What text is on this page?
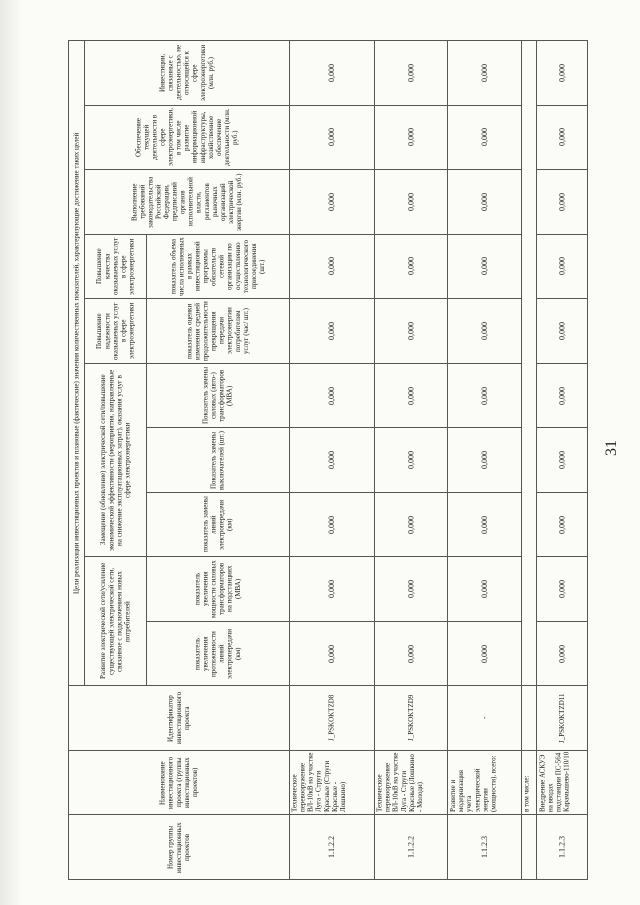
31
Номер группы инвестиционных проектов	Наименование инвестиционного проекта (группы инвестиционных проектов)	Идентификатор инвестиционного проекта	Цели реализации инвестиционных проектов и плановые (фактические) значения количественных показателей, характеризующие достижение таких целей
Развитие электрической сети/усиление существующей электрической сети, связанное с подключением новых потребителей	Замещение (обновление) электрической сети/повышение экономической эффективности (мероприятия, направленные на снижение эксплуатационных затрат), оказания услуг в сфере электроэнергетики	Повышение надежности оказываемых услуг в сфере электроэнергетики	Повышение качества оказываемых услуг в сфере электроэнергетики	Выполнение требований законодательства Российской Федерации, предписаний органов исполнительной власти, регламентов рыночных организаций электрической энергии (млн. руб.)	Обеспечение текущей деятельности в сфере электроэнергетики, в том числе развитие информационной инфраструктуры, хозяйственное обеспечение деятельности (млн. руб.)	Инвестиции, связанные с деятельностью, не относящейся к сфере электроэнергетики (млн. руб.)
показатель увеличения протяженности линий электропередачи (км)	показатель увеличения мощности силовых трансформаторов на подстанциях (МВА)	показатель замены линий электропередачи (км)	Показатель замены выключателей (шт.)	Показатель замены силовых (авто-) трансформаторов (МВА)	показатель оценки изменения средней продолжительности прекращения передачи электроэнергии потребителям услуг (час/ шт.)	показатель объема числа исполненных в рамках инвестиционной программы обязательств сетевой организации по осуществлению технологического присоединения (шт.)
1.1.2.2	Техническое перевооружение ВЛ-10кВ на участке Луга - Струги Красные (Струги Красные - Лошкино)	J_PSKOKTZD8	0,000	0,000	0,000	0,000	0,000	0,000	0,000	0,000	0,000	0,000
1.1.2.2	Техническое перевооружение ВЛ-10кВ на участке Луга - Струги Красные (Лошкино - Молоди)	J_PSKOKTZD9	0,000	0,000	0,000	0,000	0,000	0,000	0,000	0,000	0,000	0,000
1.1.2.3	Развитие и модернизация учета электрической энергии (мощности), всего:	-	0,000	0,000	0,000	0,000	0,000	0,000	0,000	0,000	0,000	0,000
	в том числе:		
1.1.2.3	Внедрение АСКУЭ на вводах подстанции ПС-564 Карамышево-110/10	J_PSKOKTZD11	0,000	0,000	0,000	0,000	0,000	0,000	0,000	0,000	0,000	0,000
